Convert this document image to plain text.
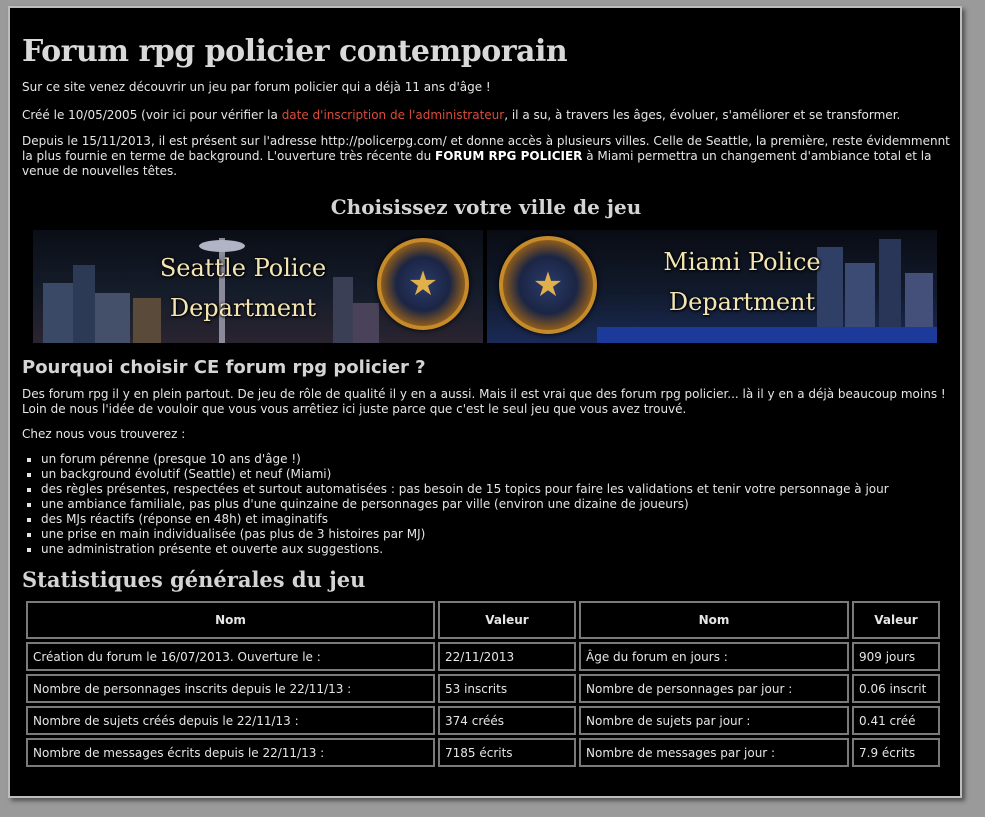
Forum rpg policier contemporain

Sur ce site venez découvrir un jeu par forum policier qui a déjà 11 ans d'âge !

Créé le 10/05/2005 (voir ici pour vérifier la date d'inscription de l'administrateur, il a su, à travers les âges, évoluer, s'améliorer et se transformer.

Depuis le 15/11/2013, il est présent sur l'adresse http://policerpg.com/ et donne accès à plusieurs villes. Celle de Seattle, la première, reste évidemmennt la plus fournie en terme de background. L'ouverture très récente du FORUM RPG POLICIER à Miami permettra un changement d'ambiance total et la venue de nouvelles têtes.

Choisissez votre ville de jeu
Seattle Police
Department
★	★
Miami Police
Department
Pourquoi choisir CE forum rpg policier ?

Des forum rpg il y en plein partout. De jeu de rôle de qualité il y en a aussi. Mais il est vrai que des forum rpg policier... là il y en a déjà beaucoup moins ! Loin de nous l'idée de vouloir que vous vous arrêtiez ici juste parce que c'est le seul jeu que vous avez trouvé.

Chez nous vous trouverez :

▪ un forum pérenne (presque 10 ans d'âge !)
▪ un background évolutif (Seattle) et neuf (Miami)
▪ des règles présentes, respectées et surtout automatisées : pas besoin de 15 topics pour faire les validations et tenir votre personnage à jour
▪ une ambiance familiale, pas plus d'une quinzaine de personnages par ville (environ une dizaine de joueurs)
▪ des MJs réactifs (réponse en 48h) et imaginatifs
▪ une prise en main individualisée (pas plus de 3 histoires par MJ)
▪ une administration présente et ouverte aux suggestions.
Statistiques générales du jeu
Nom	Valeur	Nom	Valeur
Création du forum le 16/07/2013. Ouverture le :	22/11/2013	Âge du forum en jours :	909 jours
Nombre de personnages inscrits depuis le 22/11/13 :	53 inscrits	Nombre de personnages par jour :	0.06 inscrit
Nombre de sujets créés depuis le 22/11/13 :	374 créés	Nombre de sujets par jour :	0.41 créé
Nombre de messages écrits depuis le 22/11/13 :	7185 écrits	Nombre de messages par jour :	7.9 écrits
